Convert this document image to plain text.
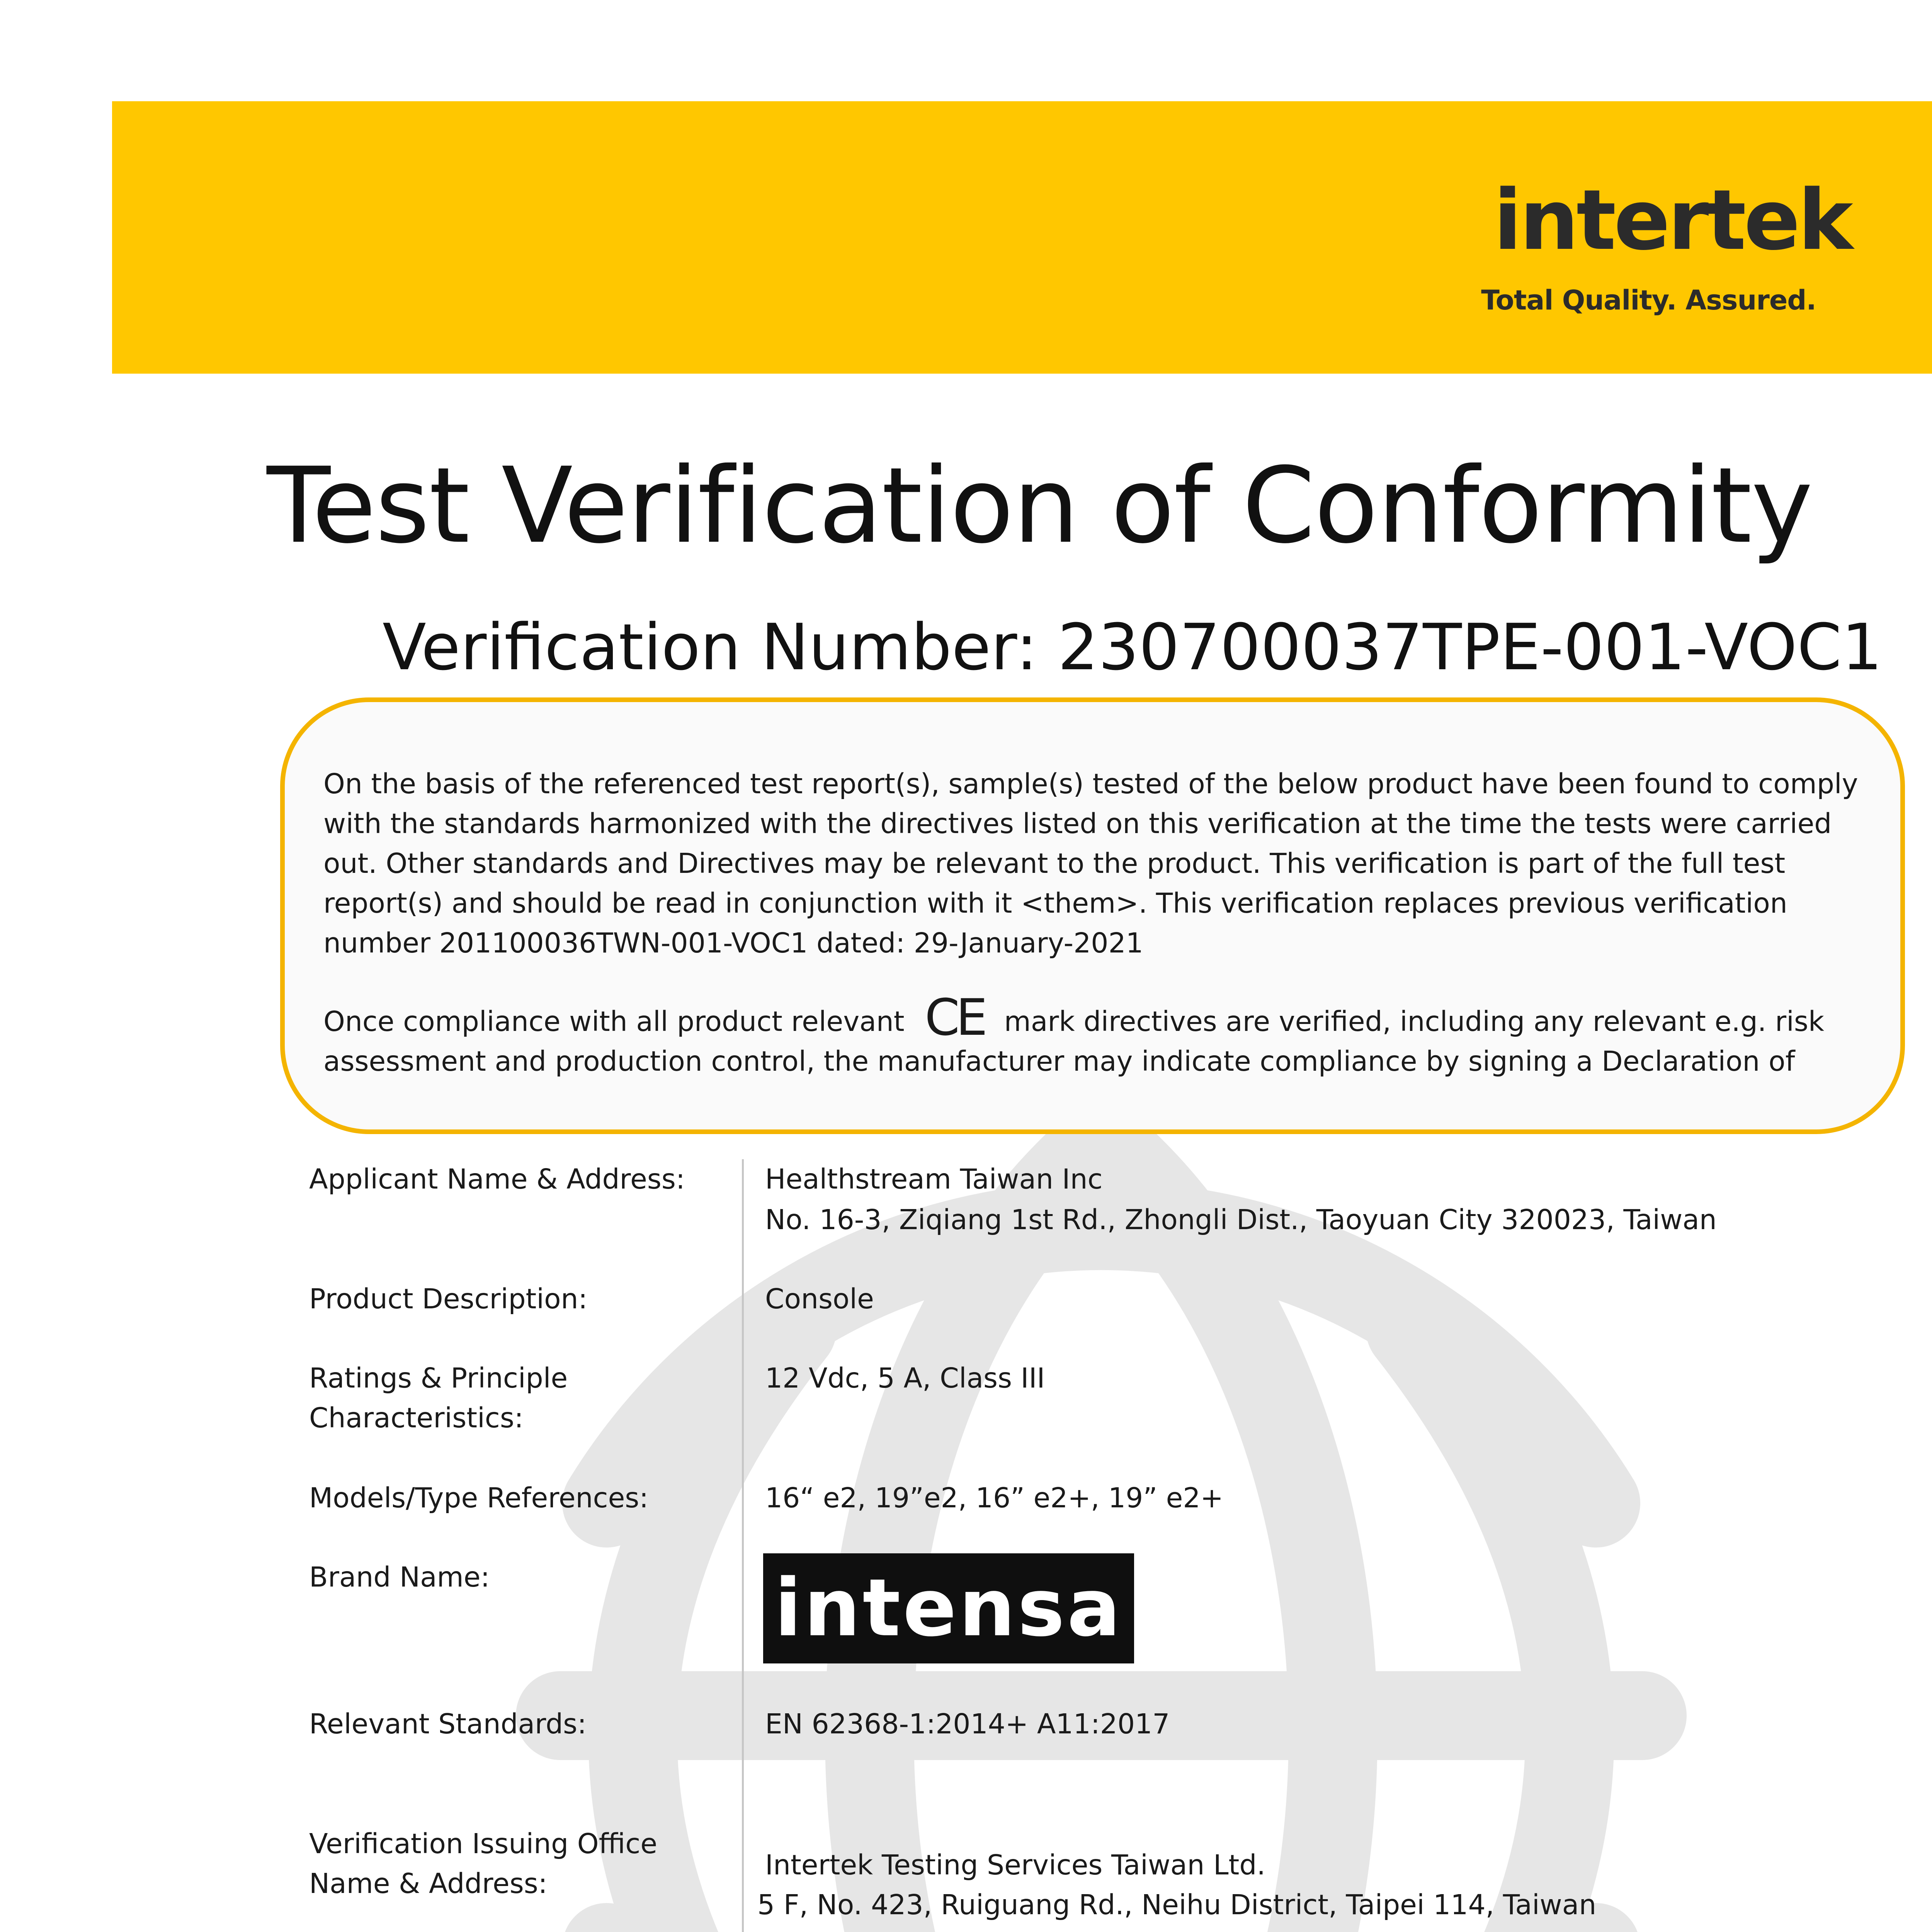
intertek
Total Quality. Assured.
Test Verification of Conformity
Verification Number: 230700037TPE-001-VOC1
On the basis of the referenced test report(s), sample(s) tested of the below product have been found to comply with the standards harmonized with the directives listed on this verification at the time the tests were carried out. Other standards and Directives may be relevant to the product. This verification is part of the full test report(s) and should be read in conjunction with it <them>. This verification replaces previous verification number 201100036TWN-001-VOC1 dated: 29-January-2021
Once compliance with all product relevant CE mark directives are verified, including any relevant e.g. risk assessment and production control, the manufacturer may indicate compliance by signing a Declaration of
Applicant Name & Address:	Healthstream Taiwan Inc
No. 16-3, Ziqiang 1st Rd., Zhongli Dist., Taoyuan City 320023, Taiwan
Product Description:	Console
Ratings & Principle
Characteristics:
12 Vdc, 5 A, Class III
Models/Type References:	16“ e2, 19”e2, 16” e2+, 19” e2+
Brand Name:	intensa
Relevant Standards:	EN 62368-1:2014+ A11:2017
Verification Issuing Office
Name & Address:
Intertek Testing Services Taiwan Ltd.
5 F, No. 423, Ruiguang Rd., Neihu District, Taipei 114, Taiwan
